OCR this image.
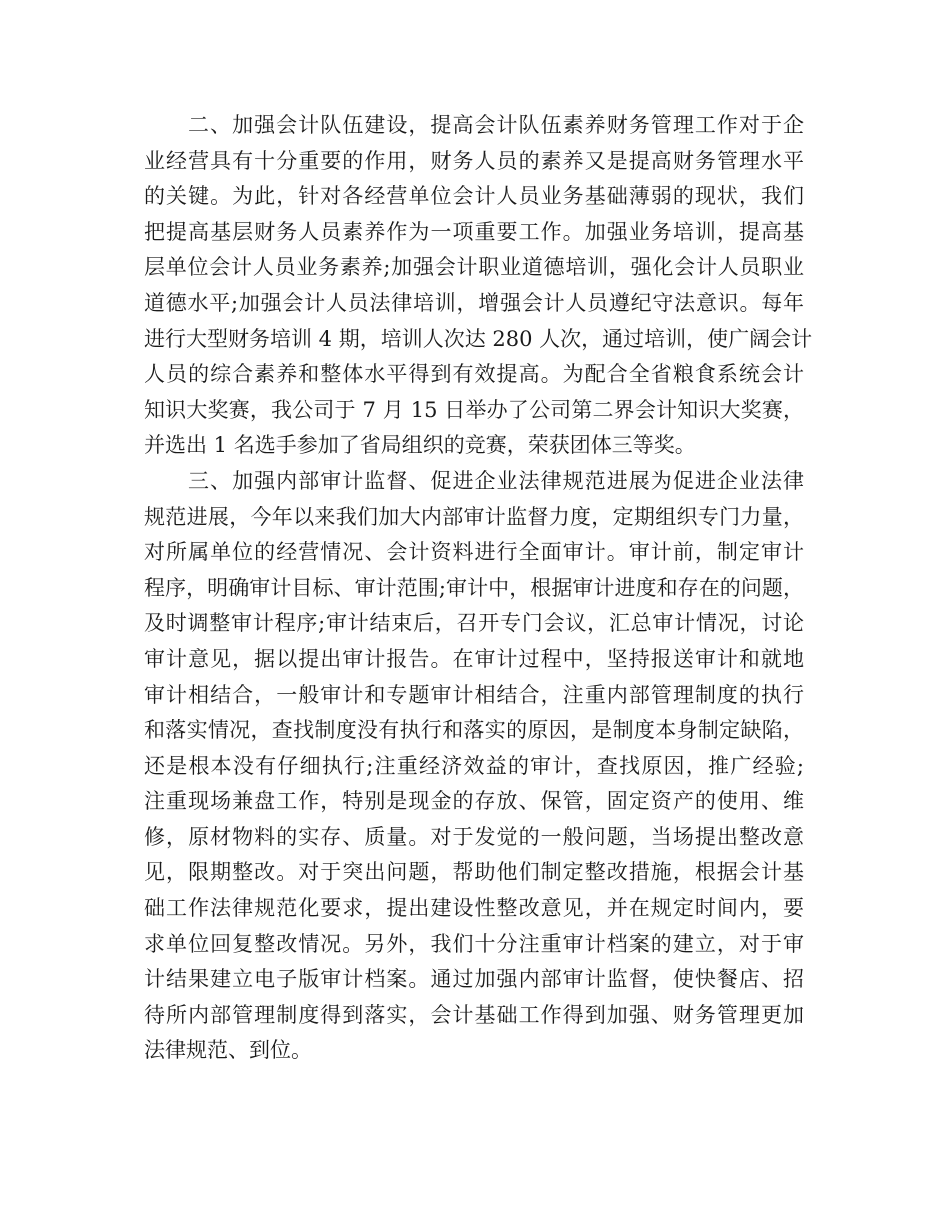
二、加强会计队伍建设，提高会计队伍素养财务管理工作对于企
业经营具有十分重要的作用，财务人员的素养又是提高财务管理水平
的关键。为此，针对各经营单位会计人员业务基础薄弱的现状，我们
把提高基层财务人员素养作为一项重要工作。加强业务培训，提高基
层单位会计人员业务素养;加强会计职业道德培训，强化会计人员职业
道德水平;加强会计人员法律培训，增强会计人员遵纪守法意识。每年
进行大型财务培训 4 期，培训人次达 280 人次，通过培训，使广阔会计
人员的综合素养和整体水平得到有效提高。为配合全省粮食系统会计
知识大奖赛，我公司于 7 月 15 日举办了公司第二界会计知识大奖赛，
并选出 1 名选手参加了省局组织的竞赛，荣获团体三等奖。
三、加强内部审计监督、促进企业法律规范进展为促进企业法律
规范进展，今年以来我们加大内部审计监督力度，定期组织专门力量，
对所属单位的经营情况、会计资料进行全面审计。审计前，制定审计
程序，明确审计目标、审计范围;审计中，根据审计进度和存在的问题，
及时调整审计程序;审计结束后，召开专门会议，汇总审计情况，讨论
审计意见，据以提出审计报告。在审计过程中，坚持报送审计和就地
审计相结合，一般审计和专题审计相结合，注重内部管理制度的执行
和落实情况，查找制度没有执行和落实的原因，是制度本身制定缺陷，
还是根本没有仔细执行;注重经济效益的审计，查找原因，推广经验;
注重现场兼盘工作，特别是现金的存放、保管，固定资产的使用、维
修，原材物料的实存、质量。对于发觉的一般问题，当场提出整改意
见，限期整改。对于突出问题，帮助他们制定整改措施，根据会计基
础工作法律规范化要求，提出建设性整改意见，并在规定时间内，要
求单位回复整改情况。另外，我们十分注重审计档案的建立，对于审
计结果建立电子版审计档案。通过加强内部审计监督，使快餐店、招
待所内部管理制度得到落实，会计基础工作得到加强、财务管理更加
法律规范、到位。
